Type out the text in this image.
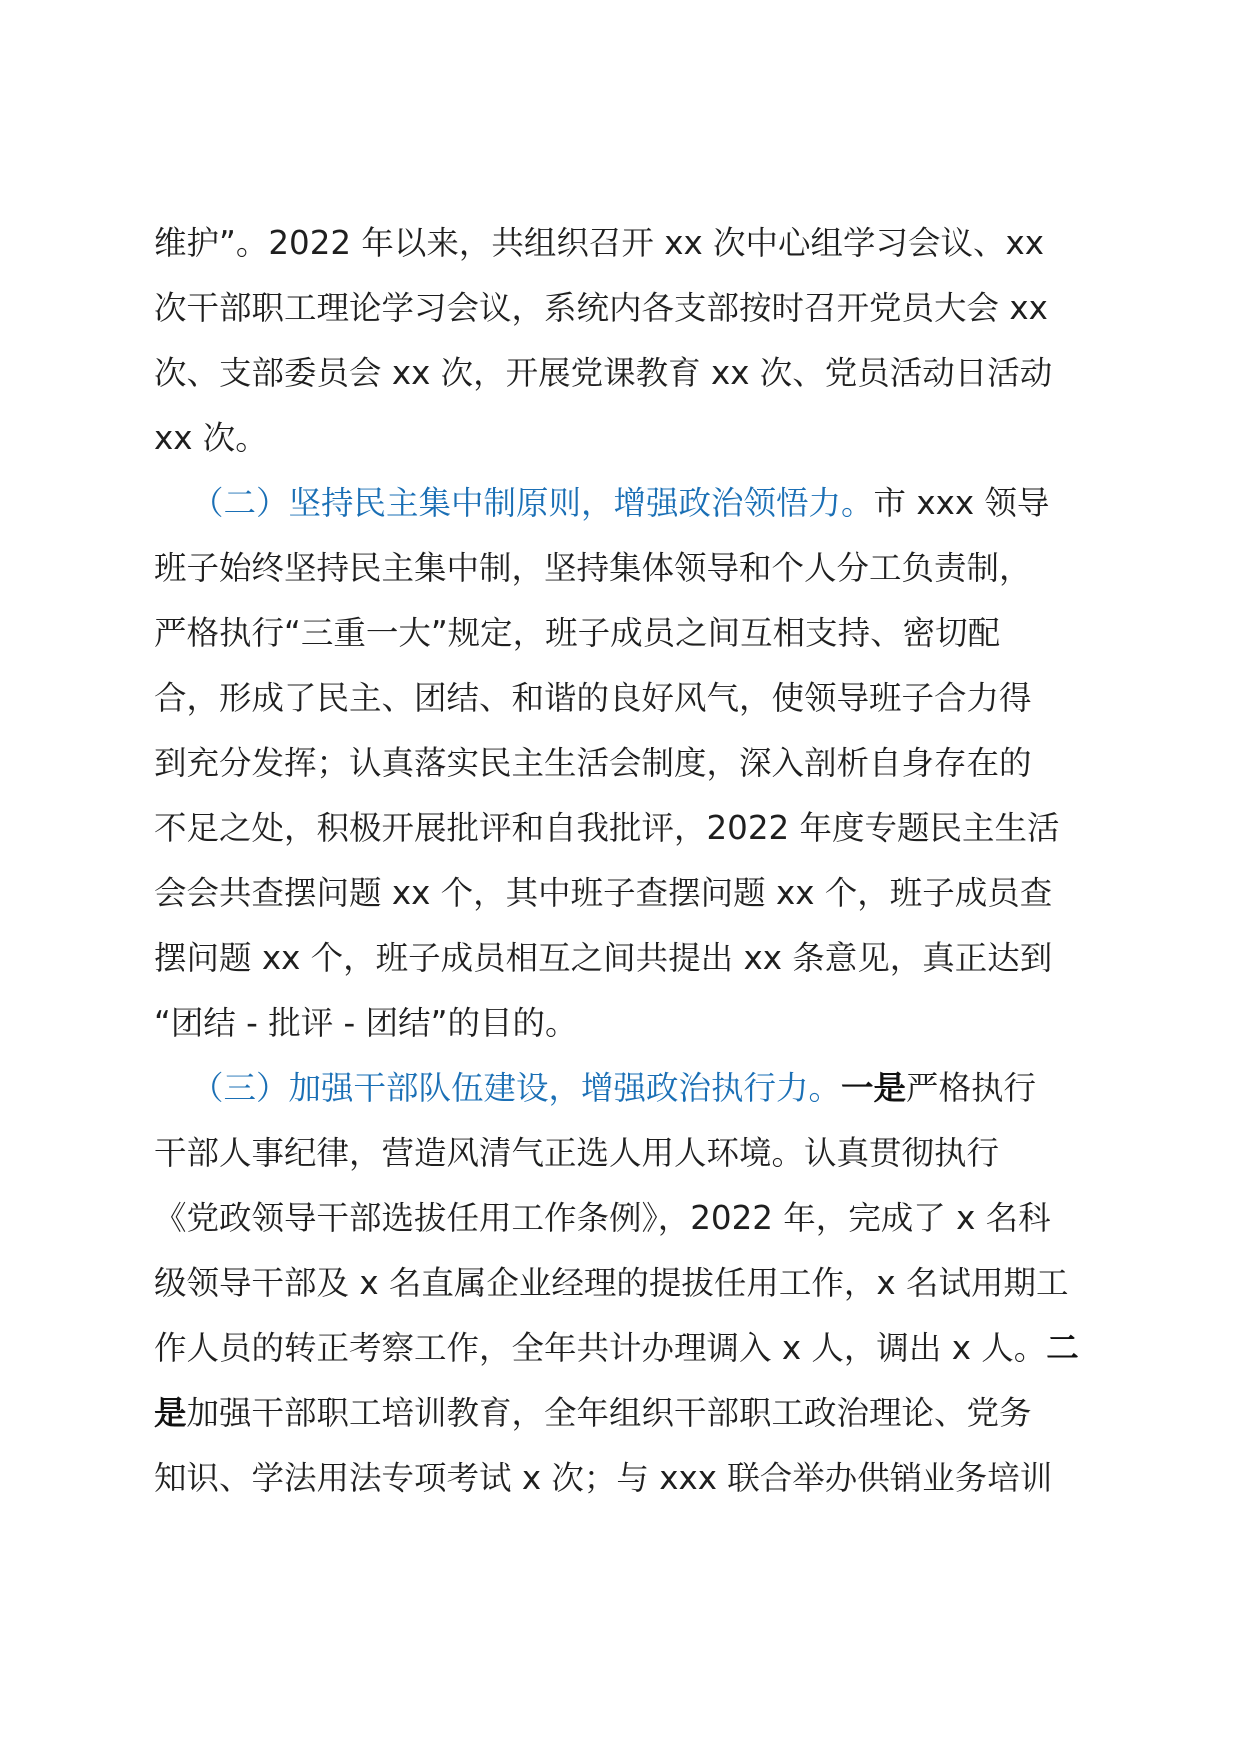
维护”。2022 年以来，共组织召开 xx 次中心组学习会议、xx
次干部职工理论学习会议，系统内各支部按时召开党员大会 xx
次、支部委员会 xx 次，开展党课教育 xx 次、党员活动日活动
xx 次。
（二）坚持民主集中制原则，增强政治领悟力。市 xxx 领导
班子始终坚持民主集中制，坚持集体领导和个人分工负责制，
严格执行“三重一大”规定，班子成员之间互相支持、密切配
合，形成了民主、团结、和谐的良好风气，使领导班子合力得
到充分发挥；认真落实民主生活会制度，深入剖析自身存在的
不足之处，积极开展批评和自我批评，2022 年度专题民主生活
会会共查摆问题 xx 个，其中班子查摆问题 xx 个，班子成员查
摆问题 xx 个，班子成员相互之间共提出 xx 条意见，真正达到
“团结 - 批评 - 团结”的目的。
（三）加强干部队伍建设，增强政治执行力。一是严格执行
干部人事纪律，营造风清气正选人用人环境。认真贯彻执行
《党政领导干部选拔任用工作条例》，2022 年，完成了 x 名科
级领导干部及 x 名直属企业经理的提拔任用工作，x 名试用期工
作人员的转正考察工作，全年共计办理调入 x 人，调出 x 人。二
是加强干部职工培训教育，全年组织干部职工政治理论、党务
知识、学法用法专项考试 x 次；与 xxx 联合举办供销业务培训
